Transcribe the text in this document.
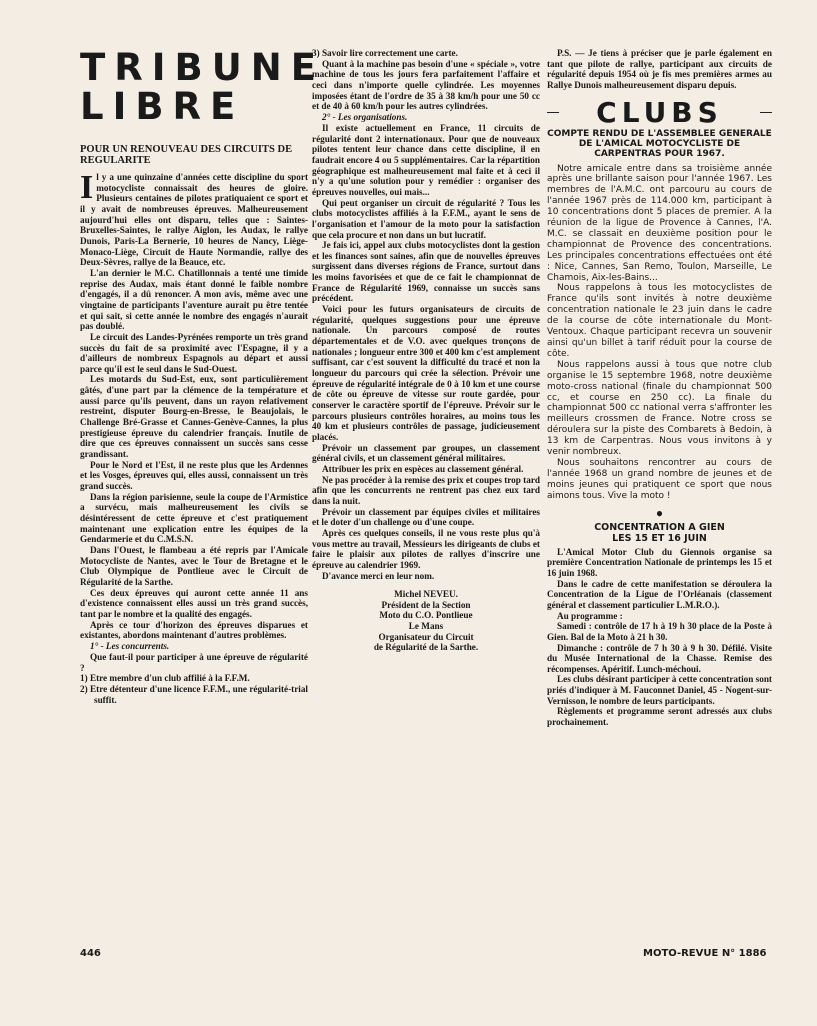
TRIBUNE
LIBRE
POUR UN RENOUVEAU DES CIRCUITS DE REGULARITE

Il y a une quinzaine d'années cette discipline du sport motocycliste connaissait des heures de gloire. Plusieurs centaines de pilotes pratiquaient ce sport et il y avait de nombreuses épreuves. Malheureusement aujourd'hui elles ont disparu, telles que : Saintes-Bruxelles-Saintes, le rallye Aiglon, les Audax, le rallye Dunois, Paris-La Bernerie, 10 heures de Nancy, Liège-Monaco-Liège, Circuit de Haute Normandie, rallye des Deux-Sèvres, rallye de la Beauce, etc.

L'an dernier le M.C. Chatillonnais a tenté une timide reprise des Audax, mais étant donné le faible nombre d'engagés, il a dû renoncer. A mon avis, même avec une vingtaine de participants l'aventure aurait pu être tentée et qui sait, si cette année le nombre des engagés n'aurait pas doublé.

Le circuit des Landes-Pyrénées remporte un très grand succès du fait de sa proximité avec l'Espagne, il y a d'ailleurs de nombreux Espagnols au départ et aussi parce qu'il est le seul dans le Sud-Ouest.

Les motards du Sud-Est, eux, sont particulièrement gâtés, d'une part par la clémence de la température et aussi parce qu'ils peuvent, dans un rayon relativement restreint, disputer Bourg-en-Bresse, le Beaujolais, le Challenge Bré-Grasse et Cannes-Genève-Cannes, la plus prestigieuse épreuve du calendrier français. Inutile de dire que ces épreuves connaissent un succès sans cesse grandissant.

Pour le Nord et l'Est, il ne reste plus que les Ardennes et les Vosges, épreuves qui, elles aussi, connaissent un très grand succès.

Dans la région parisienne, seule la coupe de l'Armistice a survécu, mais malheureusement les civils se désintéressent de cette épreuve et c'est pratiquement maintenant une explication entre les équipes de la Gendarmerie et du C.M.S.N.

Dans l'Ouest, le flambeau a été repris par l'Amicale Motocycliste de Nantes, avec le Tour de Bretagne et le Club Olympique de Pontlieue avec le Circuit de Régularité de la Sarthe.

Ces deux épreuves qui auront cette année 11 ans d'existence connaissent elles aussi un très grand succès, tant par le nombre et la qualité des engagés.

Après ce tour d'horizon des épreuves disparues et existantes, abordons maintenant d'autres problèmes.

1° - Les concurrents.

Que faut-il pour participer à une épreuve de régularité ?

1) Etre membre d'un club affilié à la F.F.M.
2) Etre détenteur d'une licence F.F.M., une régularité-trial suffit.
3) Savoir lire correctement une carte.

Quant à la machine pas besoin d'une « spéciale », votre machine de tous les jours fera parfaitement l'affaire et ceci dans n'importe quelle cylindrée. Les moyennes imposées étant de l'ordre de 35 à 38 km/h pour une 50 cc et de 40 à 60 km/h pour les autres cylindrées.

2° - Les organisations.

Il existe actuellement en France, 11 circuits de régularité dont 2 internationaux. Pour que de nouveaux pilotes tentent leur chance dans cette discipline, il en faudrait encore 4 ou 5 supplémentaires. Car la répartition géographique est malheureusement mal faite et à ceci il n'y a qu'une solution pour y remédier : organiser des épreuves nouvelles, oui mais...

Qui peut organiser un circuit de régularité ? Tous les clubs motocyclistes affiliés à la F.F.M., ayant le sens de l'organisation et l'amour de la moto pour la satisfaction que cela procure et non dans un but lucratif.

Je fais ici, appel aux clubs motocyclistes dont la gestion et les finances sont saines, afin que de nouvelles épreuves surgissent dans diverses régions de France, surtout dans les moins favorisées et que de ce fait le championnat de France de Régularité 1969, connaisse un succès sans précédent.

Voici pour les futurs organisateurs de circuits de régularité, quelques suggestions pour une épreuve nationale. Un parcours composé de routes départementales et de V.O. avec quelques tronçons de nationales ; longueur entre 300 et 400 km c'est amplement suffisant, car c'est souvent la difficulté du tracé et non la longueur du parcours qui crée la sélection. Prévoir une épreuve de régularité intégrale de 0 à 10 km et une course de côte ou épreuve de vitesse sur route gardée, pour conserver le caractère sportif de l'épreuve. Prévoir sur le parcours plusieurs contrôles horaires, au moins tous les 40 km et plusieurs contrôles de passage, judicieusement placés.

Prévoir un classement par groupes, un classement général civils, et un classement général militaires.

Attribuer les prix en espèces au classement général.

Ne pas procéder à la remise des prix et coupes trop tard afin que les concurrents ne rentrent pas chez eux tard dans la nuit.

Prévoir un classement par équipes civiles et militaires et le doter d'un challenge ou d'une coupe.

Après ces quelques conseils, il ne vous reste plus qu'à vous mettre au travail, Messieurs les dirigeants de clubs et faire le plaisir aux pilotes de rallyes d'inscrire une épreuve au calendrier 1969.

D'avance merci en leur nom.

Michel NEVEU.
Président de la Section
Moto du C.O. Pontlieue
Le Mans
Organisateur du Circuit
de Régularité de la Sarthe.
P.S. — Je tiens à préciser que je parle également en tant que pilote de rallye, participant aux circuits de régularité depuis 1954 où je fis mes premières armes au Rallye Dunois malheureusement disparu depuis.
CLUBS
COMPTE RENDU DE L'ASSEMBLEE GENERALE DE L'AMICAL MOTOCYCLISTE DE CARPENTRAS POUR 1967.

Notre amicale entre dans sa troisième année après une brillante saison pour l'année 1967. Les membres de l'A.M.C. ont parcouru au cours de l'année 1967 près de 114.000 km, participant à 10 concentrations dont 5 places de premier. A la réunion de la ligue de Provence à Cannes, l'A. M.C. se classait en deuxième position pour le championnat de Provence des concentrations. Les principales concentrations effectuées ont été : Nice, Cannes, San Remo, Toulon, Marseille, Le Chamois, Aix-les-Bains...

Nous rappelons à tous les motocyclistes de France qu'ils sont invités à notre deuxième concentration nationale le 23 juin dans le cadre de la course de côte internationale du Mont-Ventoux. Chaque participant recevra un souvenir ainsi qu'un billet à tarif réduit pour la course de côte.

Nous rappelons aussi à tous que notre club organise le 15 septembre 1968, notre deuxième moto-cross national (finale du championnat 500 cc, et course en 250 cc). La finale du championnat 500 cc national verra s'affronter les meilleurs crossmen de France. Notre cross se déroulera sur la piste des Combarets à Bedoin, à 13 km de Carpentras. Nous vous invitons à y venir nombreux.

Nous souhaitons rencontrer au cours de l'année 1968 un grand nombre de jeunes et de moins jeunes qui pratiquent ce sport que nous aimons tous. Vive la moto !

●
CONCENTRATION A GIEN
LES 15 ET 16 JUIN

L'Amical Motor Club du Giennois organise sa première Concentration Nationale de printemps les 15 et 16 juin 1968.

Dans le cadre de cette manifestation se déroulera la Concentration de la Ligue de l'Orléanais (classement général et classement particulier L.M.R.O.).

Au programme :

Samedi : contrôle de 17 h à 19 h 30 place de la Poste à Gien. Bal de la Moto à 21 h 30.

Dimanche : contrôle de 7 h 30 à 9 h 30. Défilé. Visite du Musée International de la Chasse. Remise des récompenses. Apéritif. Lunch-méchoui.

Les clubs désirant participer à cette concentration sont priés d'indiquer à M. Fauconnet Daniel, 45 - Nogent-sur-Vernisson, le nombre de leurs participants.

Règlements et programme seront adressés aux clubs prochainement.

446	MOTO-REVUE N° 1886
